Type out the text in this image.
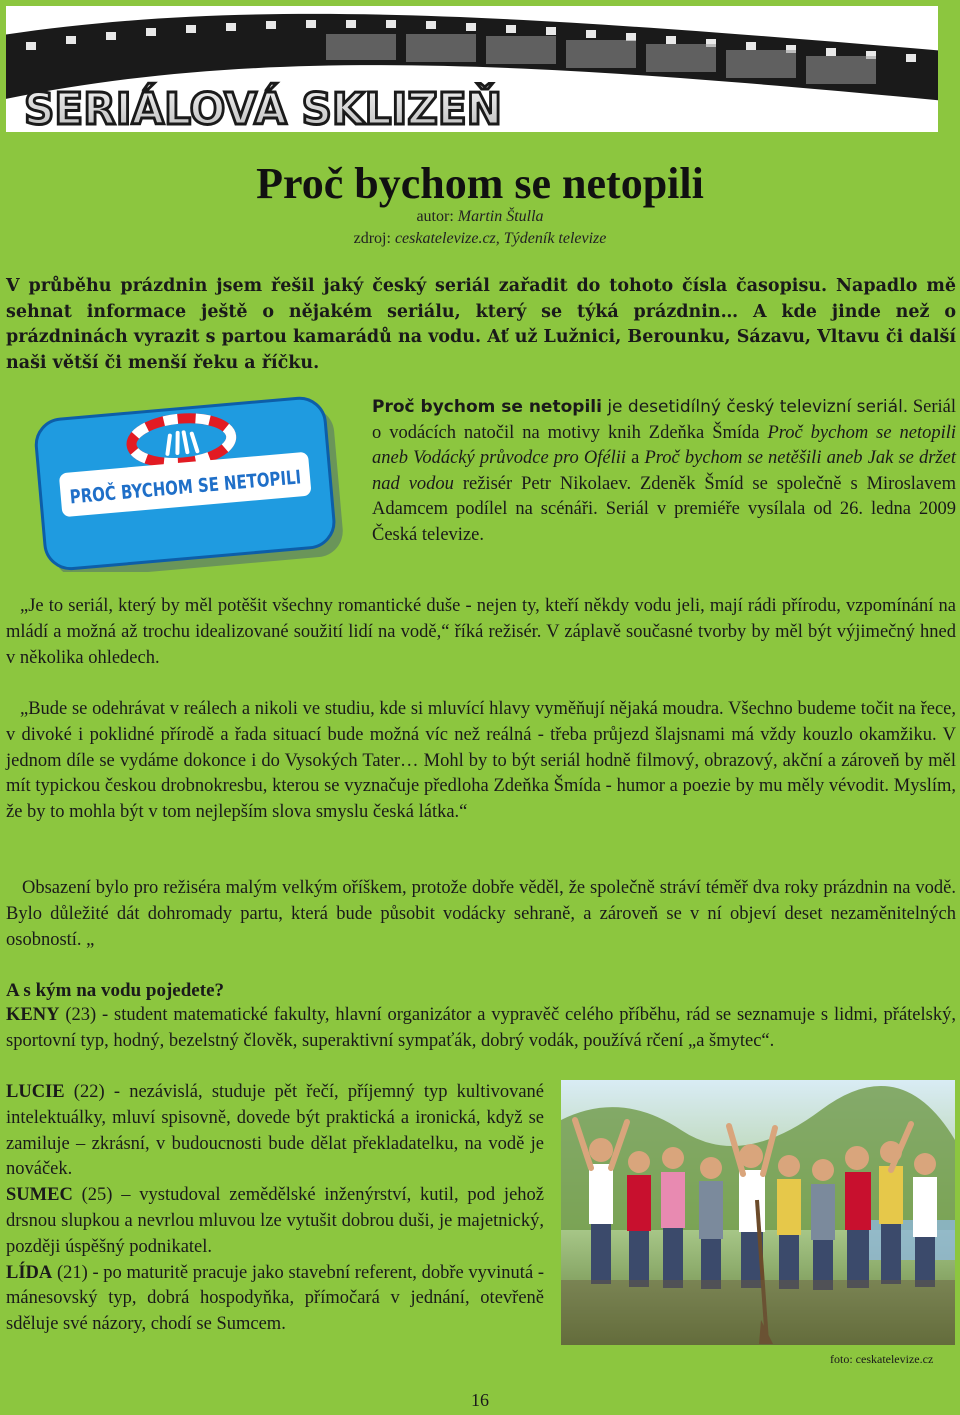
SERIÁLOVÁ SKLIZEŇ
Proč bychom se netopili
autor: Martin Štulla
zdroj: ceskatelevize.cz, Týdeník televize

V průběhu prázdnin jsem řešil jaký český seriál zařadit do tohoto čísla časopisu. Napadlo mě sehnat informace ještě o nějakém seriálu, který se týká prázdnin… A kde jinde než o prázdninách vyrazit s partou kamarádů na vodu. Ať už Lužnici, Berounku, Sázavu, Vltavu či další naši větší či menší řeku a říčku.

PROČ BYCHOM SE NETOPILI
Proč bychom se netopili je desetidílný český televizní seriál. Seriál o vodácích natočil na motivy knih Zdeňka Šmída Proč bychom se netopili aneb Vodácký průvodce pro Ofélii a Proč bychom se netěšili aneb Jak se držet nad vodou režisér Petr Nikolaev. Zdeněk Šmíd se společně s Miroslavem Adamcem podílel na scénáři. Seriál v premiéře vysílala od 26. ledna 2009 Česká televize.

„Je to seriál, který by měl potěšit všechny romantické duše - nejen ty, kteří někdy vodu jeli, mají rádi přírodu, vzpomínání na mládí a možná až trochu idealizované soužití lidí na vodě,“ říká režisér. V záplavě současné tvorby by měl být výjimečný hned v několika ohledech.

„Bude se odehrávat v reálech a nikoli ve studiu, kde si mluvící hlavy vyměňují nějaká moudra. Všechno budeme točit na řece, v divoké i poklidné přírodě a řada situací bude možná víc než reálná - třeba průjezd šlajsnami má vždy kouzlo okamžiku. V jednom díle se vydáme dokonce i do Vysokých Tater… Mohl by to být seriál hodně filmový, obrazový, akční a zároveň by měl mít typickou českou drobnokresbu, kterou se vyznačuje předloha Zdeňka Šmída - humor a poezie by mu měly vévodit. Myslím, že by to mohla být v tom nejlepším slova smyslu česká látka.“

Obsazení bylo pro režiséra malým velkým oříškem, protože dobře věděl, že společně stráví téměř dva roky prázdnin na vodě. Bylo důležité dát dohromady partu, která bude působit vodácky sehraně, a zároveň se v ní objeví deset nezaměnitelných osobností. „

A s kým na vodu pojedete?

KENY (23) - student matematické fakulty, hlavní organizátor a vypravěč celého příběhu, rád se seznamuje s lidmi, přátelský, sportovní typ, hodný, bezelstný člověk, superaktivní sympaťák, dobrý vodák, používá rčení „a šmytec“.

LUCIE (22) - nezávislá, studuje pět řečí, příjemný typ kultivované intelektuálky, mluví spisovně, dovede být praktická a ironická, když se zamiluje – zkrásní, v budoucnosti bude dělat překladatelku, na vodě je nováček.

SUMEC (25) – vystudoval zemědělské inženýrství, kutil, pod jehož drsnou slupkou a nevrlou mluvou lze vytušit dobrou duši, je majetnický, později úspěšný podnikatel.

LÍDA (21) - po maturitě pracuje jako stavební referent, dobře vyvinutá - mánesovský typ, dobrá hospodyňka, přímočará v jednání, otevřeně sděluje své názory, chodí se Sumcem.

foto: ceskatelevize.cz
16
